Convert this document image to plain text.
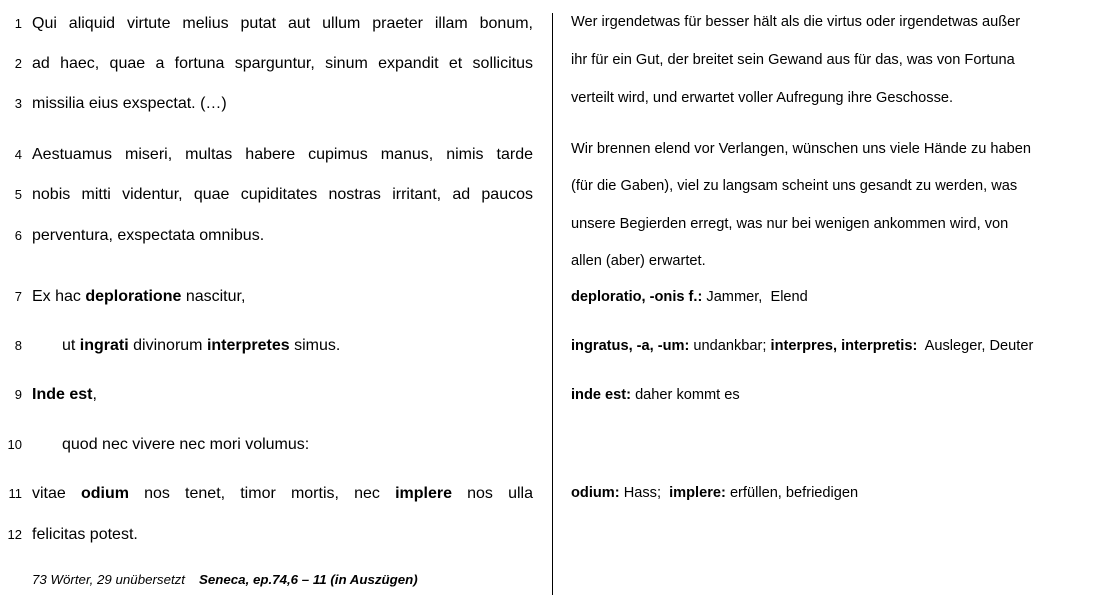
1 Qui aliquid virtute melius putat aut ullum praeter illam bonum,
2 ad haec, quae a fortuna sparguntur, sinum expandit et sollicitus
3 missilia eius exspectat. (…)
4 Aestuamus miseri, multas habere cupimus manus, nimis tarde
5 nobis mitti videntur, quae cupiditates nostras irritant, ad paucos
6 perventura, exspectata omnibus.
7 Ex hac deploratione nascitur,
8	ut ingrati divinorum interpretes simus.
9 Inde est,
10	quod nec vivere nec mori volumus:
11 vitae odium nos tenet, timor mortis, nec implere nos ulla
12 felicitas potest.
73 Wörter, 29 unübersetzt Seneca, ep.74,6 – 11 (in Auszügen)
Wer irgendetwas für besser hält als die virtus oder irgendetwas außer
ihr für ein Gut, der breitet sein Gewand aus für das, was von Fortuna
verteilt wird, und erwartet voller Aufregung ihre Geschosse.
Wir brennen elend vor Verlangen, wünschen uns viele Hände zu haben
(für die Gaben), viel zu langsam scheint uns gesandt zu werden, was
unsere Begierden erregt, was nur bei wenigen ankommen wird, von
allen (aber) erwartet.
deploratio, -onis f.: Jammer,  Elend
ingratus, -a, -um: undankbar; interpres, interpretis:  Ausleger, Deuter
inde est: daher kommt es
odium: Hass;  implere: erfüllen, befriedigen
